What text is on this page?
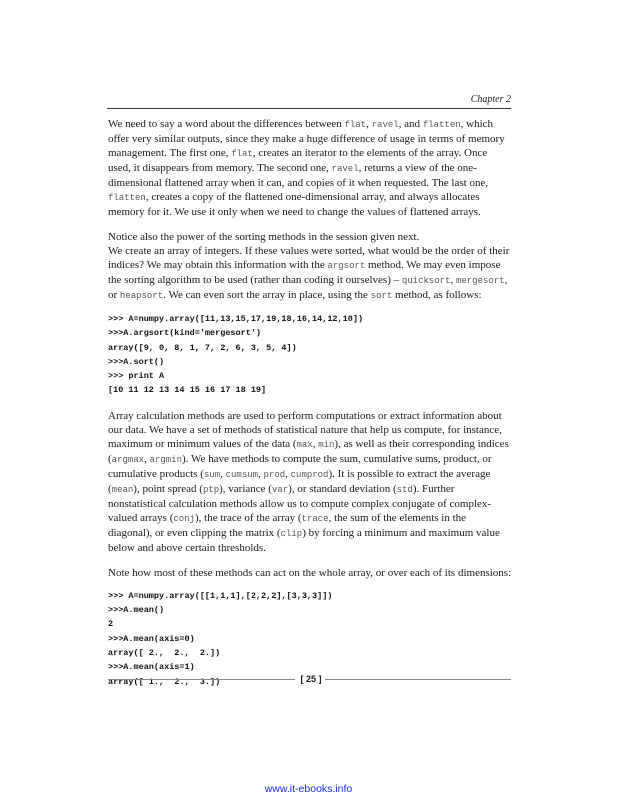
Chapter 2

We need to say a word about the differences between flat, ravel, and flatten, which offer very similar outputs, since they make a huge difference of usage in terms of memory management. The first one, flat, creates an iterator to the elements of the array. Once used, it disappears from memory. The second one, ravel, returns a view of the one-dimensional flattened array when it can, and copies of it when requested. The last one, flatten, creates a copy of the flattened one-dimensional array, and always allocates memory for it. We use it only when we need to change the values of flattened arrays.

Notice also the power of the sorting methods in the session given next.

We create an array of integers. If these values were sorted, what would be the order of their indices? We may obtain this information with the argsort method. We may even impose the sorting algorithm to be used (rather than coding it ourselves) – quicksort, mergesort, or heapsort. We can even sort the array in place, using the sort method, as follows:

>>> A=numpy.array([11,13,15,17,19,18,16,14,12,10])
>>>A.argsort(kind='mergesort')
array([9, 0, 8, 1, 7, 2, 6, 3, 5, 4])
>>>A.sort()
>>> print A
[10 11 12 13 14 15 16 17 18 19]

Array calculation methods are used to perform computations or extract information about our data. We have a set of methods of statistical nature that help us compute, for instance, maximum or minimum values of the data (max, min), as well as their corresponding indices (argmax, argmin). We have methods to compute the sum, cumulative sums, product, or cumulative products (sum, cumsum, prod, cumprod). It is possible to extract the average (mean), point spread (ptp), variance (var), or standard deviation (std). Further nonstatistical calculation methods allow us to compute complex conjugate of complex-valued arrays (conj), the trace of the array (trace, the sum of the elements in the diagonal), or even clipping the matrix (clip) by forcing a minimum and maximum value below and above certain thresholds.

Note how most of these methods can act on the whole array, or over each of its dimensions:

>>> A=numpy.array([[1,1,1],[2,2,2],[3,3,3]])
>>>A.mean()
2
>>>A.mean(axis=0)
array([ 2.,  2.,  2.])
>>>A.mean(axis=1)
array([ 1.,  2.,  3.])	[ 25 ]
www.it-ebooks.info
